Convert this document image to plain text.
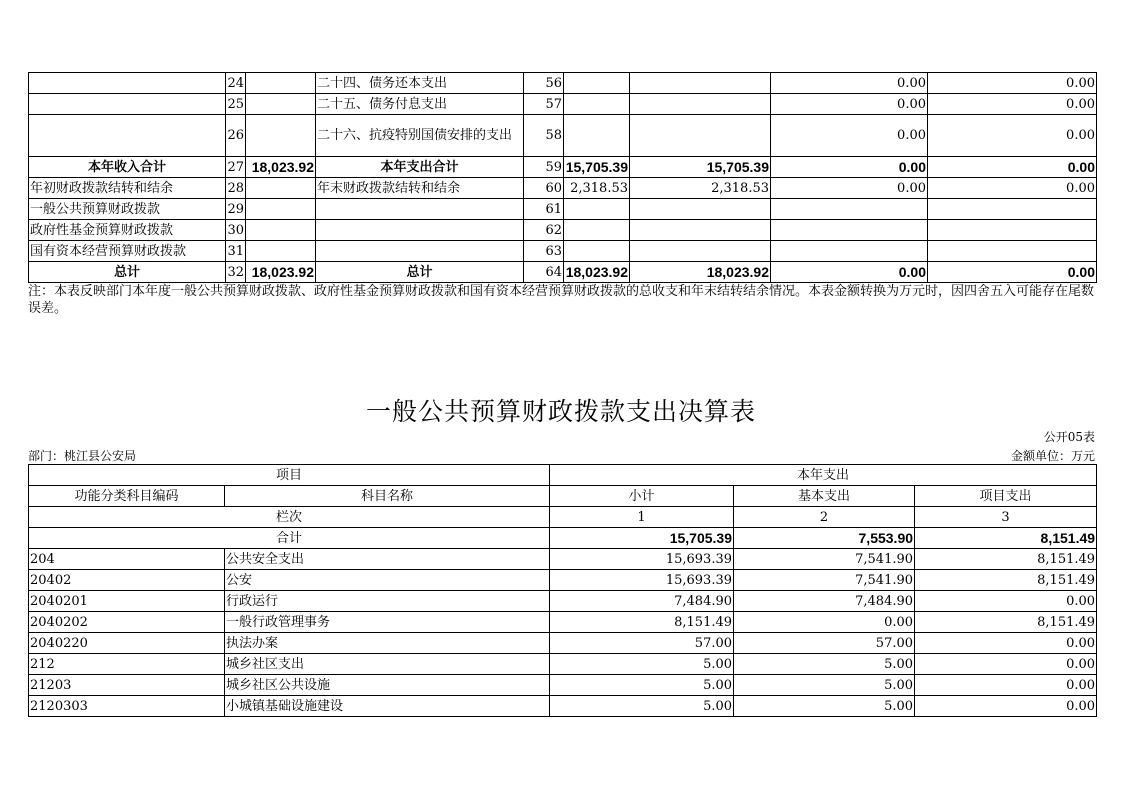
	24		二十四、债务还本支出	56			0.00	0.00
	25		二十五、债务付息支出	57			0.00	0.00
	26		二十六、抗疫特别国债安排的支出	58			0.00	0.00
本年收入合计	27	18,023.92	本年支出合计	59	15,705.39	15,705.39	0.00	0.00
年初财政拨款结转和结余	28		年末财政拨款结转和结余	60	2,318.53	2,318.53	0.00	0.00
一般公共预算财政拨款	29			61				
政府性基金预算财政拨款	30			62				
国有资本经营预算财政拨款	31			63				
总计	32	18,023.92	总计	64	18,023.92	18,023.92	0.00	0.00
注：本表反映部门本年度一般公共预算财政拨款、政府性基金预算财政拨款和国有资本经营预算财政拨款的总收支和年末结转结余情况。本表金额转换为万元时，因四舍五入可能存在尾数误差。
一般公共预算财政拨款支出决算表
公开05表
部门：桃江县公安局	金额单位：万元
项目		本年支出		
功能分类科目编码	科目名称	小计	基本支出	项目支出
栏次		1	2	3
合计		15,705.39	7,553.90	8,151.49
204	公共安全支出	15,693.39	7,541.90	8,151.49
20402	公安	15,693.39	7,541.90	8,151.49
2040201	行政运行	7,484.90	7,484.90	0.00
2040202	一般行政管理事务	8,151.49	0.00	8,151.49
2040220	执法办案	57.00	57.00	0.00
212	城乡社区支出	5.00	5.00	0.00
21203	城乡社区公共设施	5.00	5.00	0.00
2120303	小城镇基础设施建设	5.00	5.00	0.00
